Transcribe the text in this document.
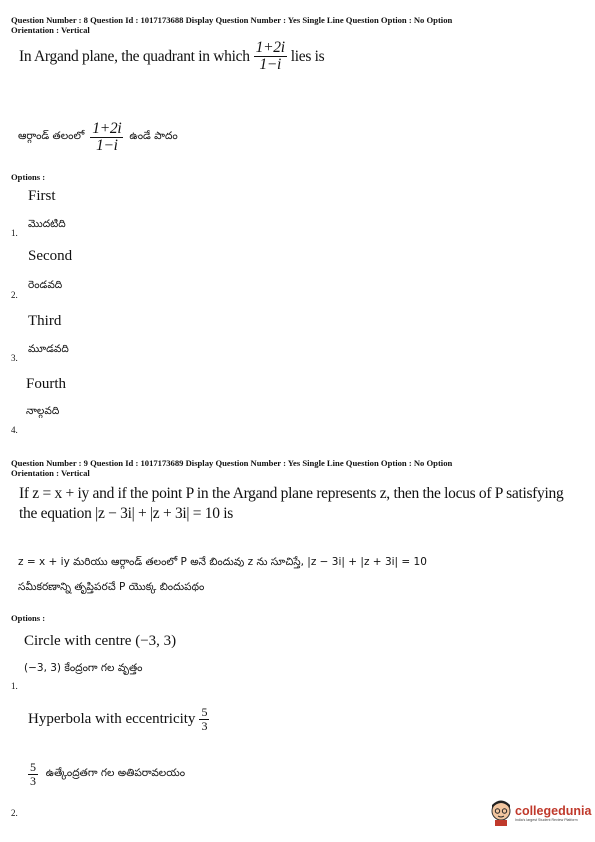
Question Number : 8 Question Id : 1017173688 Display Question Number : Yes Single Line Question Option : No Option
Orientation : Vertical
In Argand plane, the quadrant in which $\frac{1+2i}{1-i}$ lies is
ఆర్గాండ్ తలంలో $\frac{1+2i}{1-i}$ ఉండే పాదం
Options :
First
మొదటిది
1.
Second
రెండవది
2.
Third
మూడవది
3.
Fourth
నాల్గవది
4.
Question Number : 9 Question Id : 1017173689 Display Question Number : Yes Single Line Question Option : No Option
Orientation : Vertical
If z = x + iy and if the point P in the Argand plane represents z, then the locus of P satisfying
the equation |z − 3i| + |z + 3i| = 10 is
z = x + iy మరియు ఆర్గాండ్ తలంలో P అనే బిందువు z ను సూచిస్తే, |z − 3i| + |z + 3i| = 10
సమీకరణాన్ని తృప్తిపరచే P యొక్క బిందుపథం
Options :
Circle with centre (−3, 3)
(−3, 3) కేంద్రంగా గల వృత్తం
1.
Hyperbola with eccentricity $\frac{5}{3}$
$\frac{5}{3}$ ఉత్కేంద్రతగా గల అతిపరావలయం
2.	collegedunia
India's largest Student Review Platform
